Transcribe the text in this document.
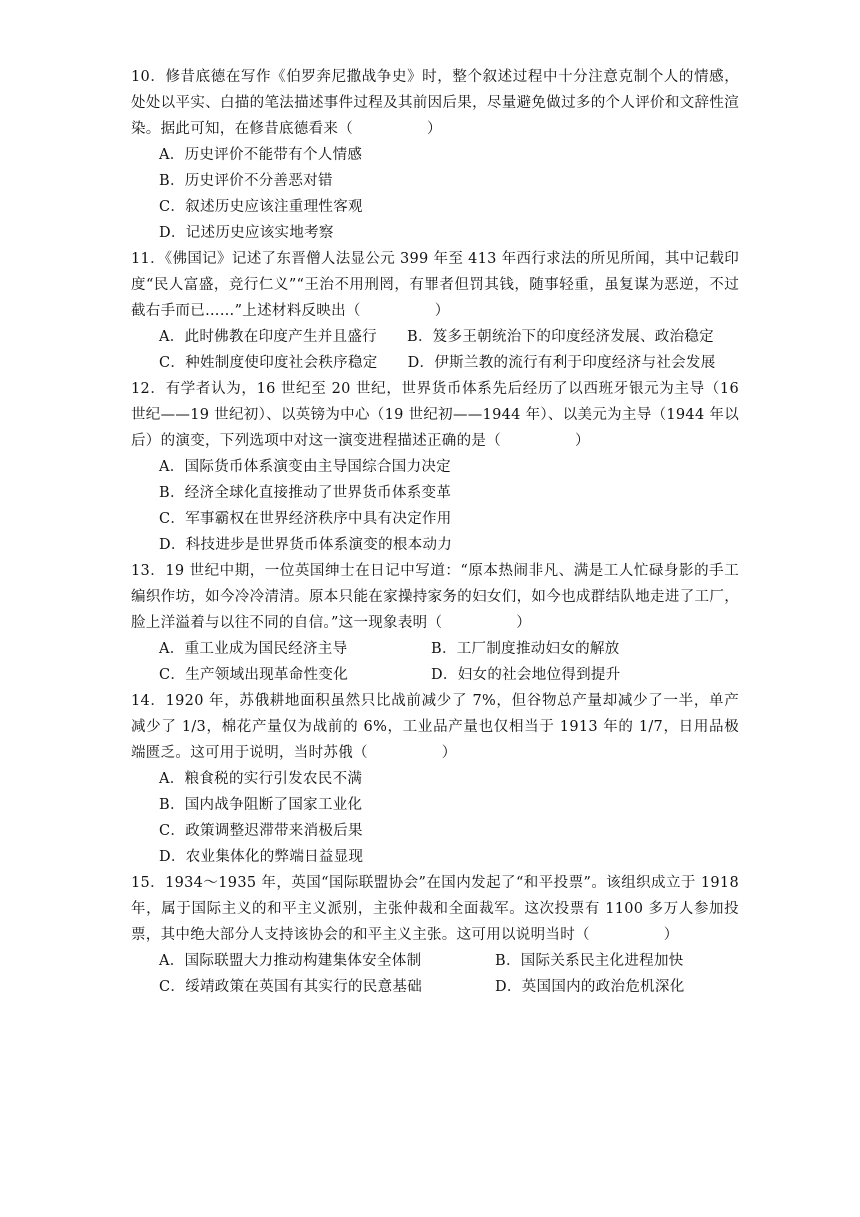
10．修昔底德在写作《伯罗奔尼撒战争史》时，整个叙述过程中十分注意克制个人的情感，处处以平实、白描的笔法描述事件过程及其前因后果，尽量避免做过多的个人评价和文辞性渲染。据此可知，在修昔底德看来（　　　　　）
A．历史评价不能带有个人情感
B．历史评价不分善恶对错
C．叙述历史应该注重理性客观
D．记述历史应该实地考察
11．《佛国记》记述了东晋僧人法显公元 399 年至 413 年西行求法的所见所闻，其中记载印度“民人富盛，竞行仁义”“王治不用刑罔，有罪者但罚其钱，随事轻重，虽复谋为恶逆，不过截右手而已……”上述材料反映出（　　　　　）
A．此时佛教在印度产生并且盛行 B．笈多王朝统治下的印度经济发展、政治稳定
C．种姓制度使印度社会秩序稳定 D．伊斯兰教的流行有利于印度经济与社会发展
12．有学者认为，16 世纪至 20 世纪，世界货币体系先后经历了以西班牙银元为主导（16 世纪——19 世纪初）、以英镑为中心（19 世纪初——1944 年）、以美元为主导（1944 年以后）的演变，下列选项中对这一演变进程描述正确的是（　　　　　）
A．国际货币体系演变由主导国综合国力决定
B．经济全球化直接推动了世界货币体系变革
C．军事霸权在世界经济秩序中具有决定作用
D．科技进步是世界货币体系演变的根本动力
13．19 世纪中期，一位英国绅士在日记中写道：“原本热闹非凡、满是工人忙碌身影的手工编织作坊，如今冷冷清清。原本只能在家操持家务的妇女们，如今也成群结队地走进了工厂，脸上洋溢着与以往不同的自信。”这一现象表明（　　　　　）
A．重工业成为国民经济主导	B．工厂制度推动妇女的解放
C．生产领域出现革命性变化	D．妇女的社会地位得到提升
14．1920 年，苏俄耕地面积虽然只比战前减少了 7%，但谷物总产量却减少了一半，单产减少了 1/3，棉花产量仅为战前的 6%，工业品产量也仅相当于 1913 年的 1/7，日用品极端匮乏。这可用于说明，当时苏俄（　　　　　）
A．粮食税的实行引发农民不满
B．国内战争阻断了国家工业化
C．政策调整迟滞带来消极后果
D．农业集体化的弊端日益显现
15．1934～1935 年，英国“国际联盟协会”在国内发起了“和平投票”。该组织成立于 1918 年，属于国际主义的和平主义派别，主张仲裁和全面裁军。这次投票有 1100 多万人参加投票，其中绝大部分人支持该协会的和平主义主张。这可用以说明当时（　　　　　）
A．国际联盟大力推动构建集体安全体制	B．国际关系民主化进程加快
C．绥靖政策在英国有其实行的民意基础	D．英国国内的政治危机深化
